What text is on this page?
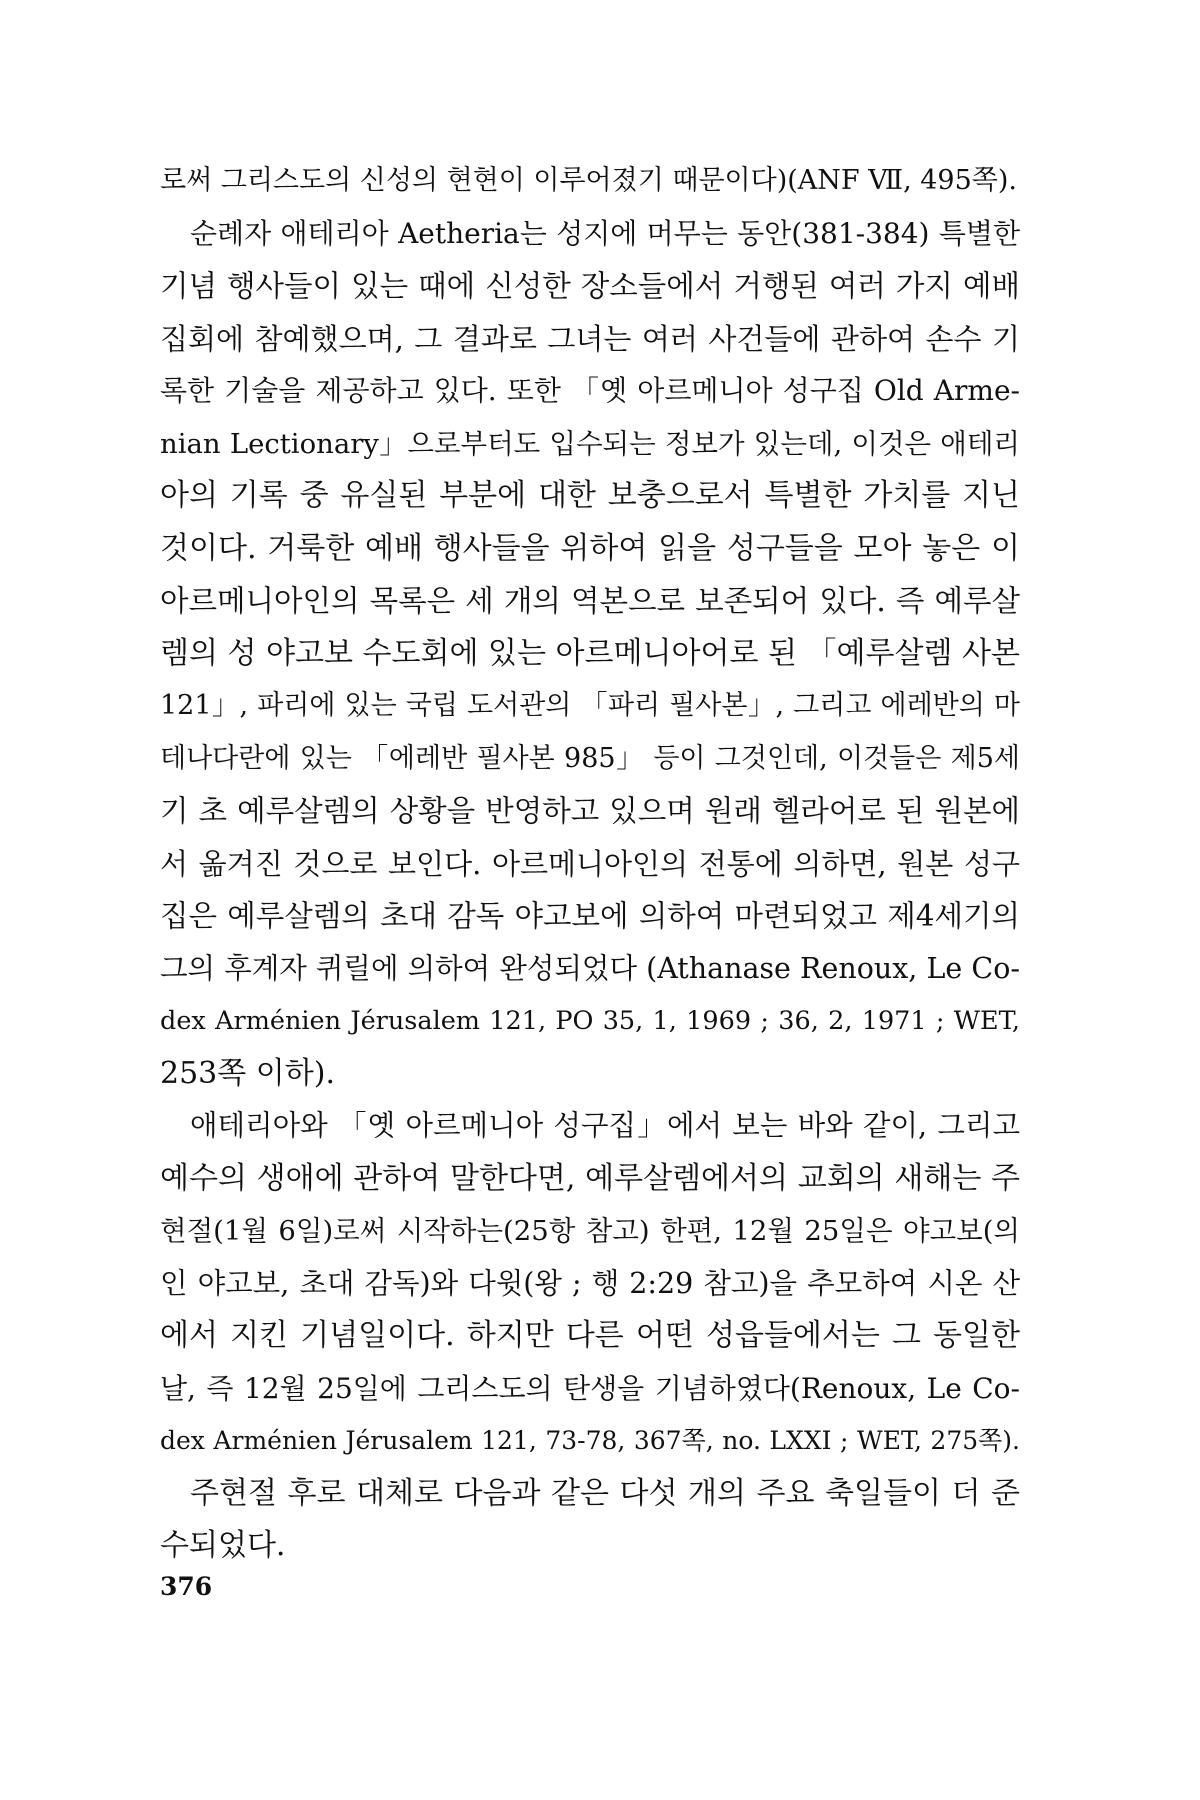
로써 그리스도의 신성의 현현이 이루어졌기 때문이다)(ANF Ⅶ, 495쪽).
순례자 애테리아 Aetheria는 성지에 머무는 동안(381-384) 특별한
기념 행사들이 있는 때에 신성한 장소들에서 거행된 여러 가지 예배
집회에 참예했으며, 그 결과로 그녀는 여러 사건들에 관하여 손수 기
록한 기술을 제공하고 있다. 또한 「옛 아르메니아 성구집 Old Arme-
nian Lectionary」으로부터도 입수되는 정보가 있는데, 이것은 애테리
아의 기록 중 유실된 부분에 대한 보충으로서 특별한 가치를 지닌
것이다. 거룩한 예배 행사들을 위하여 읽을 성구들을 모아 놓은 이
아르메니아인의 목록은 세 개의 역본으로 보존되어 있다. 즉 예루살
렘의 성 야고보 수도회에 있는 아르메니아어로 된 「예루살렘 사본
121」, 파리에 있는 국립 도서관의 「파리 필사본」, 그리고 에레반의 마
테나다란에 있는 「에레반 필사본 985」 등이 그것인데, 이것들은 제5세
기 초 예루살렘의 상황을 반영하고 있으며 원래 헬라어로 된 원본에
서 옮겨진 것으로 보인다. 아르메니아인의 전통에 의하면, 원본 성구
집은 예루살렘의 초대 감독 야고보에 의하여 마련되었고 제4세기의
그의 후계자 퀴릴에 의하여 완성되었다 (Athanase Renoux, Le Co-
dex Arménien Jérusalem 121, PO 35, 1, 1969 ; 36, 2, 1971 ; WET,
253쪽 이하).
애테리아와 「옛 아르메니아 성구집」에서 보는 바와 같이, 그리고
예수의 생애에 관하여 말한다면, 예루살렘에서의 교회의 새해는 주
현절(1월 6일)로써 시작하는(25항 참고) 한편, 12월 25일은 야고보(의
인 야고보, 초대 감독)와 다윗(왕 ; 행 2:29 참고)을 추모하여 시온 산
에서 지킨 기념일이다. 하지만 다른 어떤 성읍들에서는 그 동일한
날, 즉 12월 25일에 그리스도의 탄생을 기념하였다(Renoux, Le Co-
dex Arménien Jérusalem 121, 73-78, 367쪽, no. LXXI ; WET, 275쪽).
주현절 후로 대체로 다음과 같은 다섯 개의 주요 축일들이 더 준
수되었다.
376
